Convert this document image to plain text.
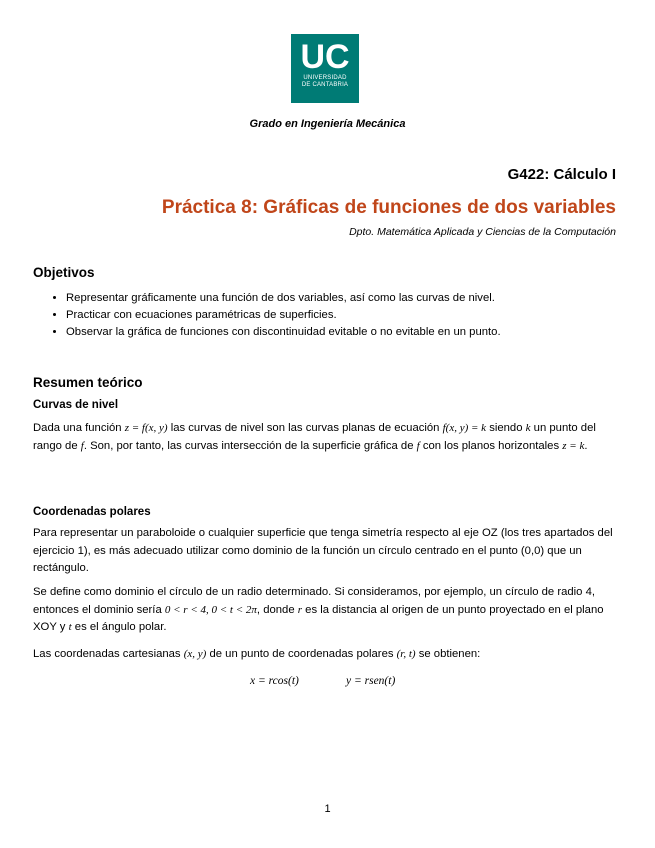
UC
UNIVERSIDAD
DE CANTABRIA
Grado en Ingeniería Mecánica
G422: Cálculo I
Práctica 8: Gráficas de funciones de dos variables
Dpto. Matemática Aplicada y Ciencias de la Computación
Objetivos
• Representar gráficamente una función de dos variables, así como las curvas de nivel.
• Practicar con ecuaciones paramétricas de superficies.
• Observar la gráfica de funciones con discontinuidad evitable o no evitable en un punto.
Resumen teórico
Curvas de nivel
Dada una función z = f(x, y) las curvas de nivel son las curvas planas de ecuación f(x, y) = k siendo k un punto del rango de f. Son, por tanto, las curvas intersección de la superficie gráfica de f con los planos horizontales z = k.
Coordenadas polares
Para representar un paraboloide o cualquier superficie que tenga simetría respecto al eje OZ (los tres apartados del ejercicio 1), es más adecuado utilizar como dominio de la función un círculo centrado en el punto (0,0) que un rectángulo.
Se define como dominio el círculo de un radio determinado. Si consideramos, por ejemplo, un círculo de radio 4, entonces el dominio sería 0 < r < 4, 0 < t < 2π, donde r es la distancia al origen de un punto proyectado en el plano XOY y t es el ángulo polar.
Las coordenadas cartesianas (x, y) de un punto de coordenadas polares (r, t) se obtienen:
x = rcos(t)	y = rsen(t)
1
